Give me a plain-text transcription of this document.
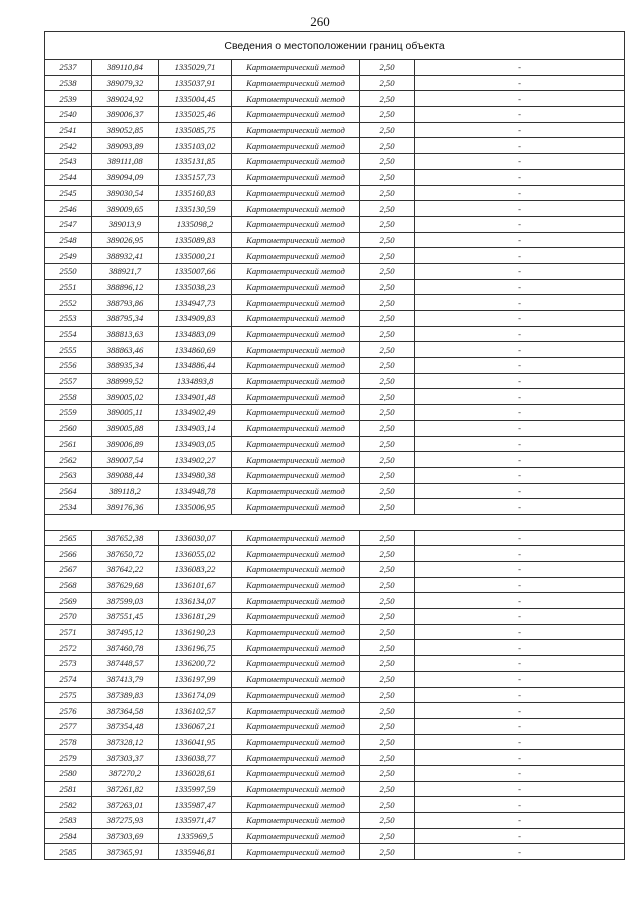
260
Сведения о местоположении границ объекта					
2537	389110,84	1335029,71	Картометрический метод	2,50	-
2538	389079,32	1335037,91	Картометрический метод	2,50	-
2539	389024,92	1335004,45	Картометрический метод	2,50	-
2540	389006,37	1335025,46	Картометрический метод	2,50	-
2541	389052,85	1335085,75	Картометрический метод	2,50	-
2542	389093,89	1335103,02	Картометрический метод	2,50	-
2543	389111,08	1335131,85	Картометрический метод	2,50	-
2544	389094,09	1335157,73	Картометрический метод	2,50	-
2545	389030,54	1335160,83	Картометрический метод	2,50	-
2546	389009,65	1335130,59	Картометрический метод	2,50	-
2547	389013,9	1335098,2	Картометрический метод	2,50	-
2548	389026,95	1335089,83	Картометрический метод	2,50	-
2549	388932,41	1335000,21	Картометрический метод	2,50	-
2550	388921,7	1335007,66	Картометрический метод	2,50	-
2551	388896,12	1335038,23	Картометрический метод	2,50	-
2552	388793,86	1334947,73	Картометрический метод	2,50	-
2553	388795,34	1334909,83	Картометрический метод	2,50	-
2554	388813,63	1334883,09	Картометрический метод	2,50	-
2555	388863,46	1334860,69	Картометрический метод	2,50	-
2556	388935,34	1334886,44	Картометрический метод	2,50	-
2557	388999,52	1334893,8	Картометрический метод	2,50	-
2558	389005,02	1334901,48	Картометрический метод	2,50	-
2559	389005,11	1334902,49	Картометрический метод	2,50	-
2560	389005,88	1334903,14	Картометрический метод	2,50	-
2561	389006,89	1334903,05	Картометрический метод	2,50	-
2562	389007,54	1334902,27	Картометрический метод	2,50	-
2563	389088,44	1334980,38	Картометрический метод	2,50	-
2564	389118,2	1334948,78	Картометрический метод	2,50	-
2534	389176,36	1335006,95	Картометрический метод	2,50	-

2565	387652,38	1336030,07	Картометрический метод	2,50	-
2566	387650,72	1336055,02	Картометрический метод	2,50	-
2567	387642,22	1336083,22	Картометрический метод	2,50	-
2568	387629,68	1336101,67	Картометрический метод	2,50	-
2569	387599,03	1336134,07	Картометрический метод	2,50	-
2570	387551,45	1336181,29	Картометрический метод	2,50	-
2571	387495,12	1336190,23	Картометрический метод	2,50	-
2572	387460,78	1336196,75	Картометрический метод	2,50	-
2573	387448,57	1336200,72	Картометрический метод	2,50	-
2574	387413,79	1336197,99	Картометрический метод	2,50	-
2575	387389,83	1336174,09	Картометрический метод	2,50	-
2576	387364,58	1336102,57	Картометрический метод	2,50	-
2577	387354,48	1336067,21	Картометрический метод	2,50	-
2578	387328,12	1336041,95	Картометрический метод	2,50	-
2579	387303,37	1336038,77	Картометрический метод	2,50	-
2580	387270,2	1336028,61	Картометрический метод	2,50	-
2581	387261,82	1335997,59	Картометрический метод	2,50	-
2582	387263,01	1335987,47	Картометрический метод	2,50	-
2583	387275,93	1335971,47	Картометрический метод	2,50	-
2584	387303,69	1335969,5	Картометрический метод	2,50	-
2585	387365,91	1335946,81	Картометрический метод	2,50	-
